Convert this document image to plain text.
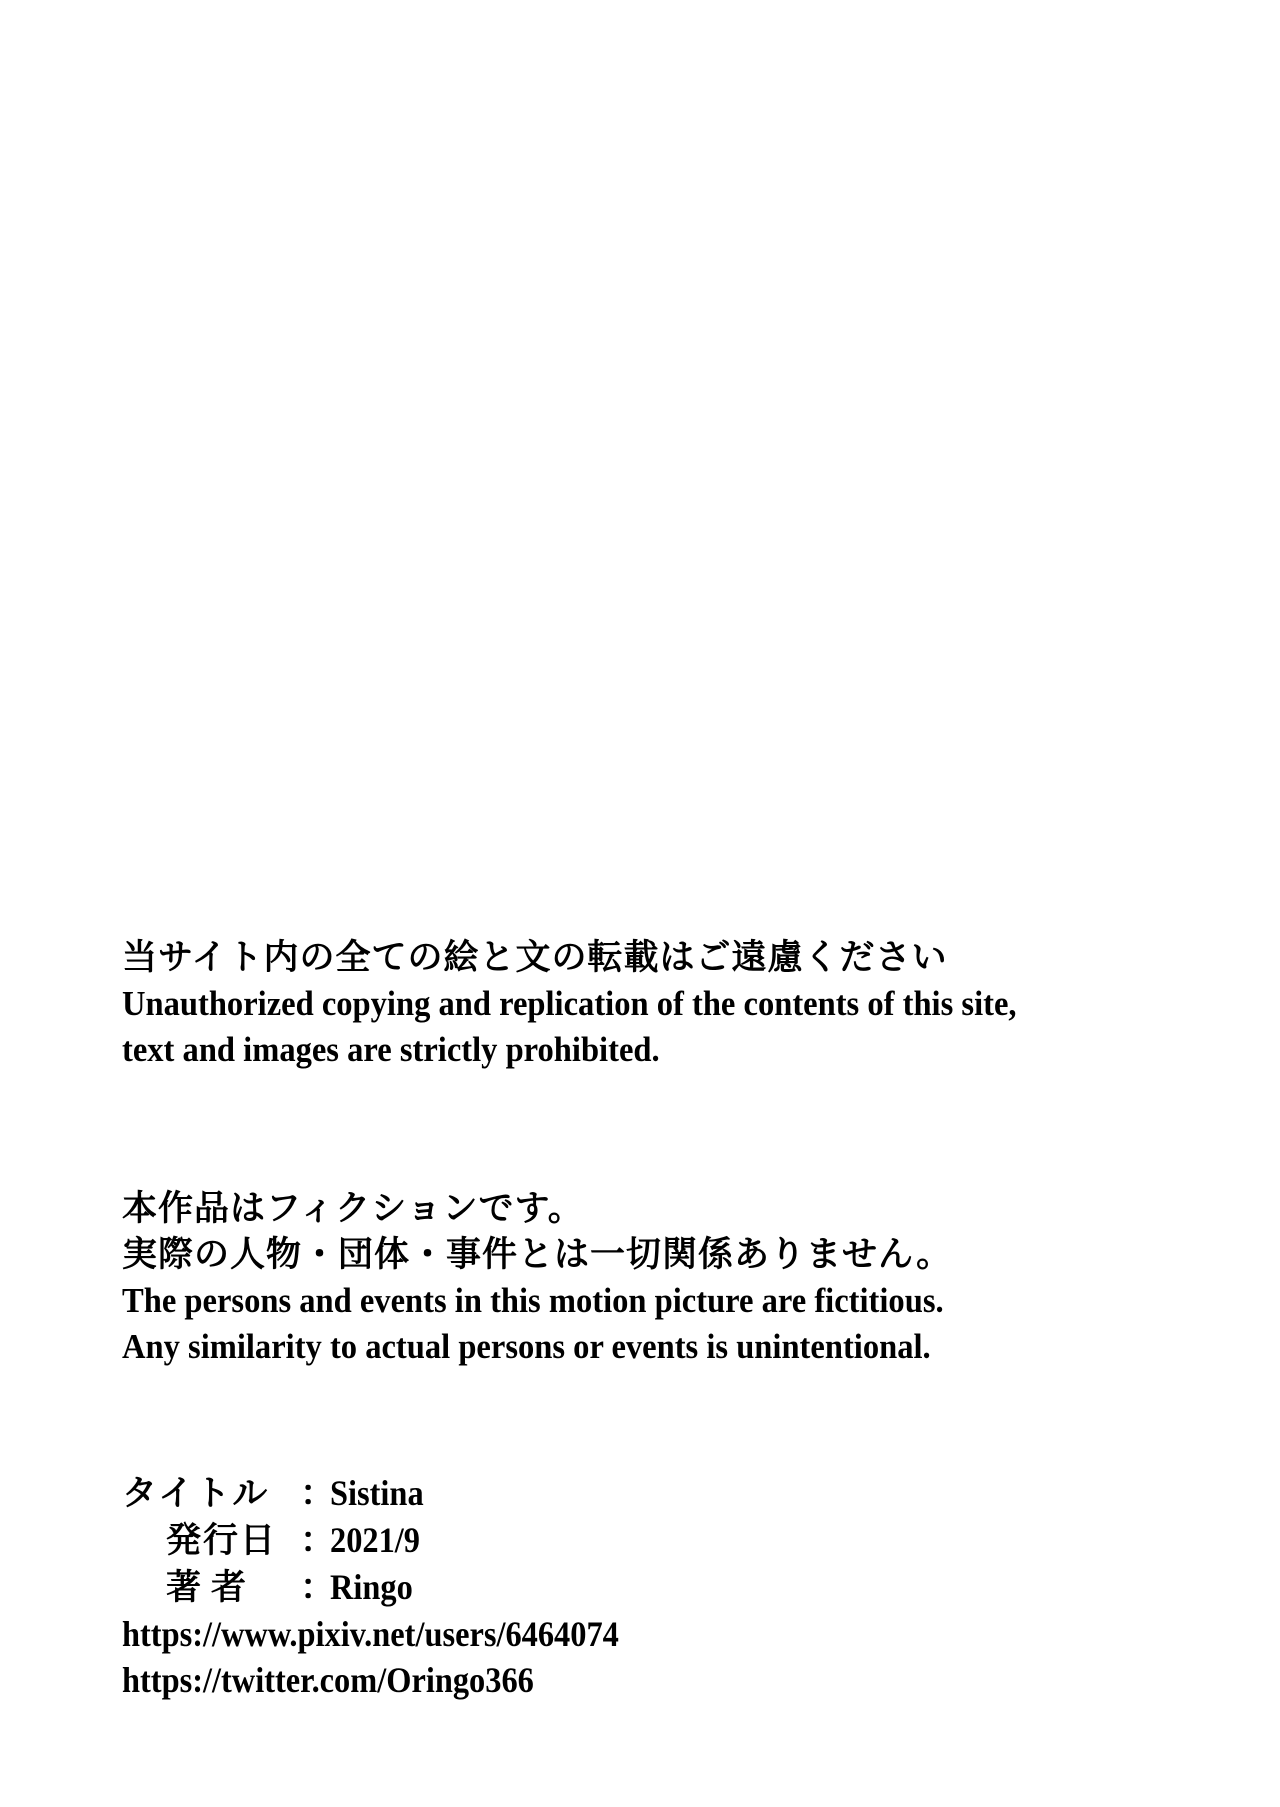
当サイト内の全ての絵と文の転載はご遠慮ください
Unauthorized copying and replication of the contents of this site,
text and images are strictly prohibited.
本作品はフィクションです。
実際の人物・団体・事件とは一切関係ありません。
The persons and events in this motion picture are fictitious.
Any similarity to actual persons or events is unintentional.
タイトル ：
Sistina
発行日 ：
2021/9
著者	：
Ringo
https://www.pixiv.net/users/6464074
https://twitter.com/Oringo366
